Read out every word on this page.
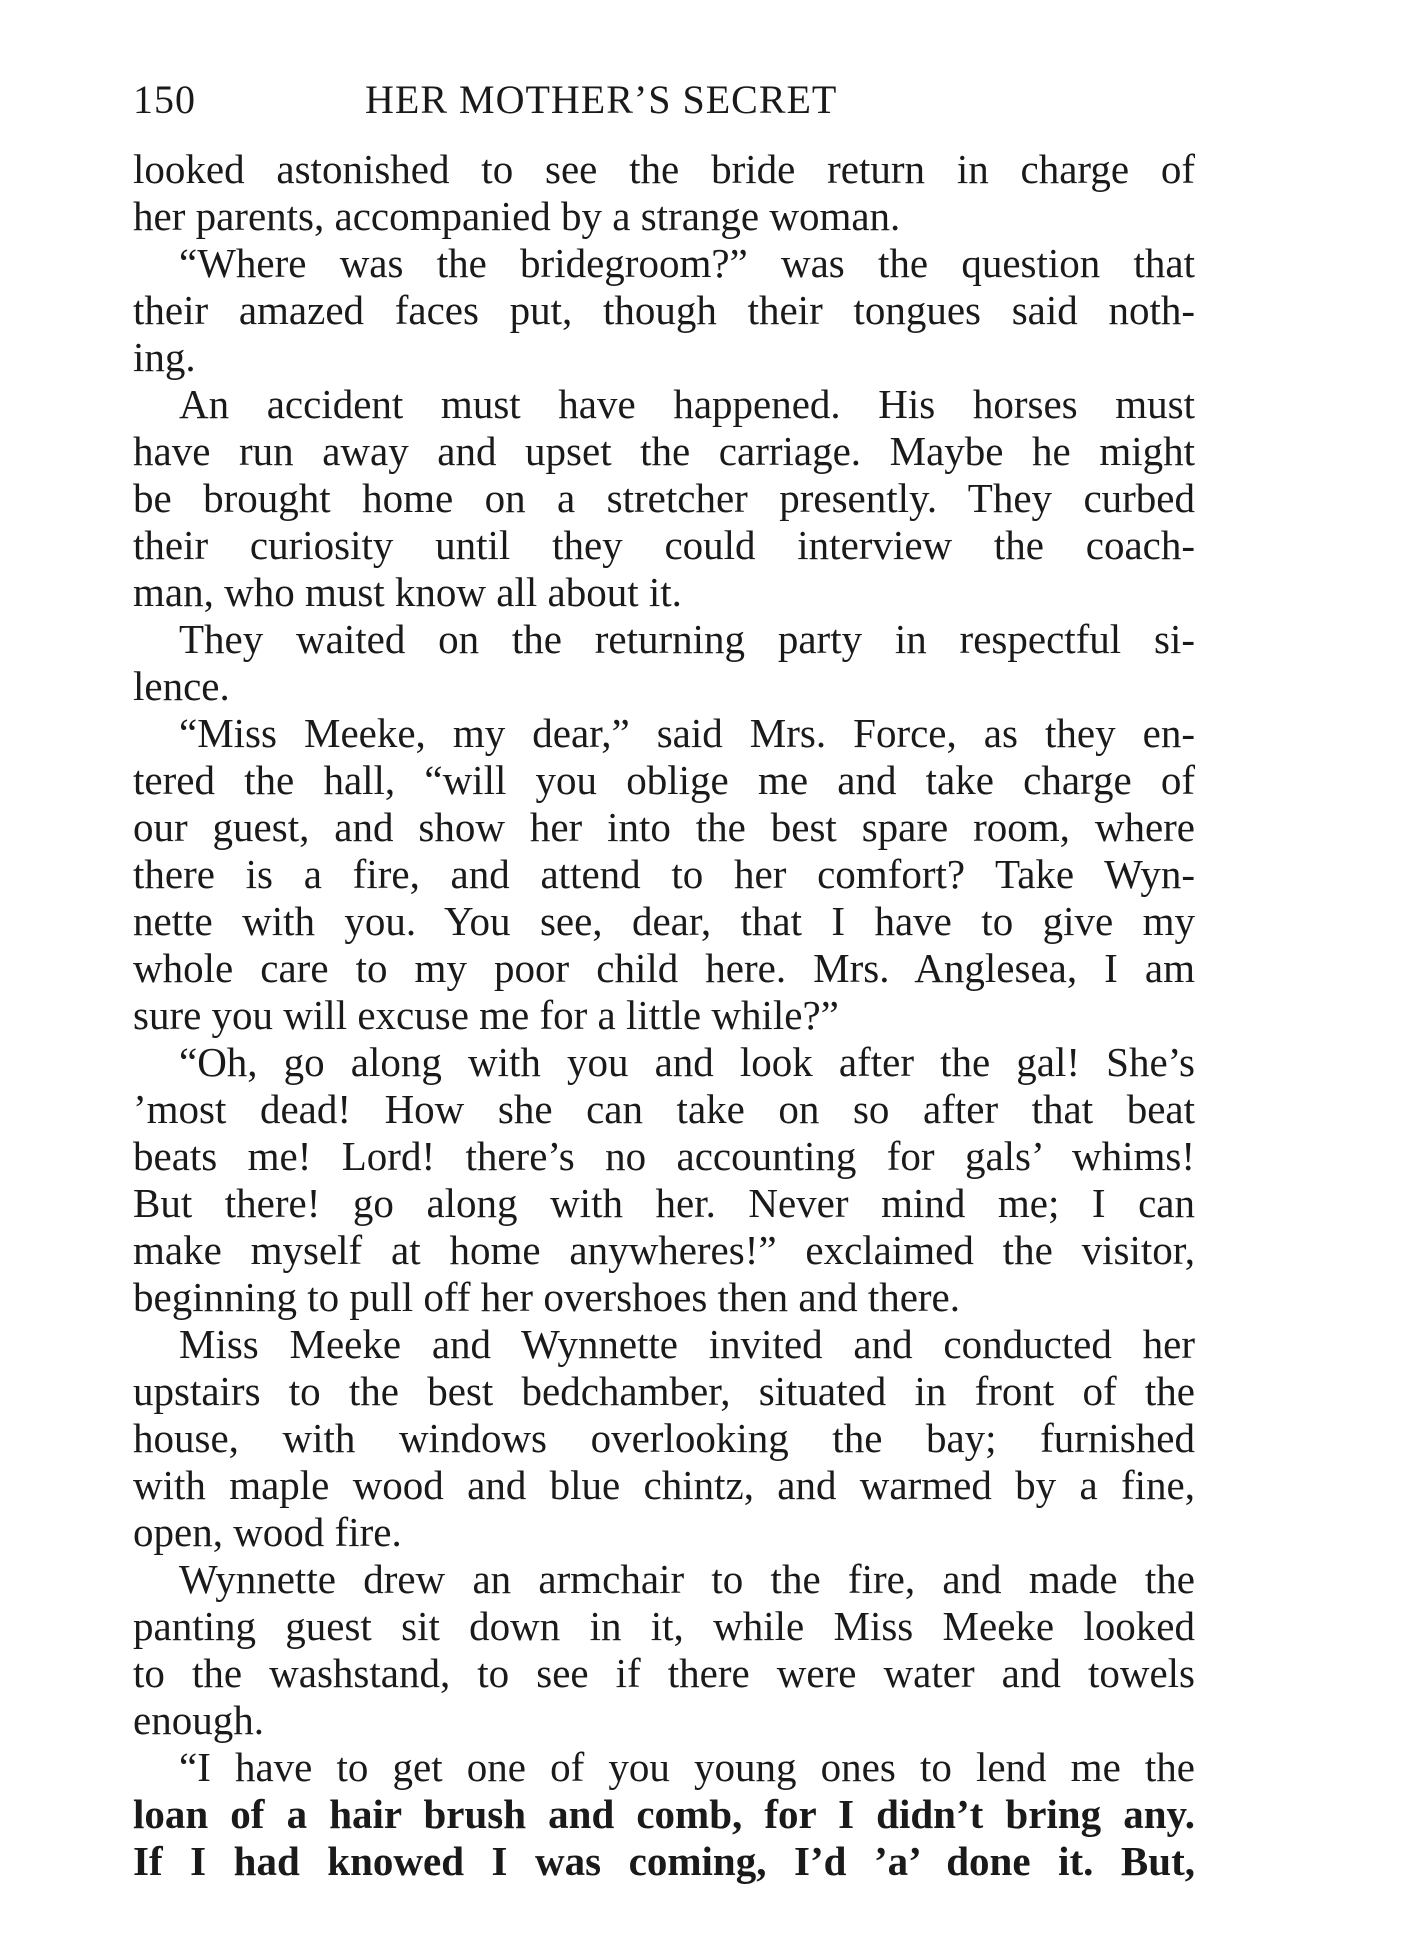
150	HER MOTHER’S SECRET
looked astonished to see the bride return in charge of
her parents, accompanied by a strange woman.
“Where was the bridegroom?” was the question that
their amazed faces put, though their tongues said noth-
ing.
An accident must have happened. His horses must
have run away and upset the carriage. Maybe he might
be brought home on a stretcher presently. They curbed
their curiosity until they could interview the coach-
man, who must know all about it.
They waited on the returning party in respectful si-
lence.
“Miss Meeke, my dear,” said Mrs. Force, as they en-
tered the hall, “will you oblige me and take charge of
our guest, and show her into the best spare room, where
there is a fire, and attend to her comfort? Take Wyn-
nette with you. You see, dear, that I have to give my
whole care to my poor child here. Mrs. Anglesea, I am
sure you will excuse me for a little while?”
“Oh, go along with you and look after the gal! She’s
’most dead! How she can take on so after that beat
beats me! Lord! there’s no accounting for gals’ whims!
But there! go along with her. Never mind me; I can
make myself at home anywheres!” exclaimed the visitor,
beginning to pull off her overshoes then and there.
Miss Meeke and Wynnette invited and conducted her
upstairs to the best bedchamber, situated in front of the
house, with windows overlooking the bay; furnished
with maple wood and blue chintz, and warmed by a fine,
open, wood fire.
Wynnette drew an armchair to the fire, and made the
panting guest sit down in it, while Miss Meeke looked
to the washstand, to see if there were water and towels
enough.
“I have to get one of you young ones to lend me the
loan of a hair brush and comb, for I didn’t bring any.
If I had knowed I was coming, I’d ’a’ done it. But,
